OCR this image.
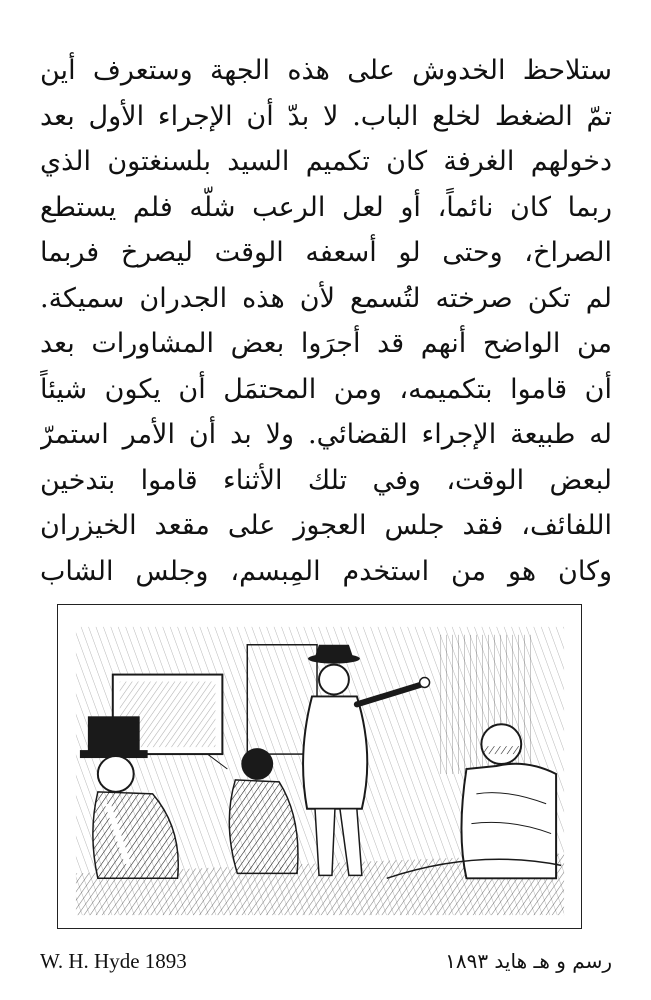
ستلاحظ الخدوش على هذه الجهة وستعرف أين
تمّ الضغط لخلع الباب. لا بدّ أن الإجراء الأول بعد
دخولهم الغرفة كان تكميم السيد بلسنغتون الذي
ربما كان نائماً، أو لعل الرعب شلّه فلم يستطع
الصراخ، وحتى لو أسعفه الوقت ليصرخ فربما
لم تكن صرخته لتُسمع لأن هذه الجدران سميكة.
من الواضح أنهم قد أجرَوا بعض المشاورات بعد
أن قاموا بتكميمه، ومن المحتمَل أن يكون شيئاً
له طبيعة الإجراء القضائي. ولا بد أن الأمر استمرّ
لبعض الوقت، وفي تلك الأثناء قاموا بتدخين
اللفائف، فقد جلس العجوز على مقعد الخيزران
وكان هو من استخدم المِبسم، وجلس الشاب
W. H. Hyde 1893	رسم و هـ هايد ١٨٩٣
